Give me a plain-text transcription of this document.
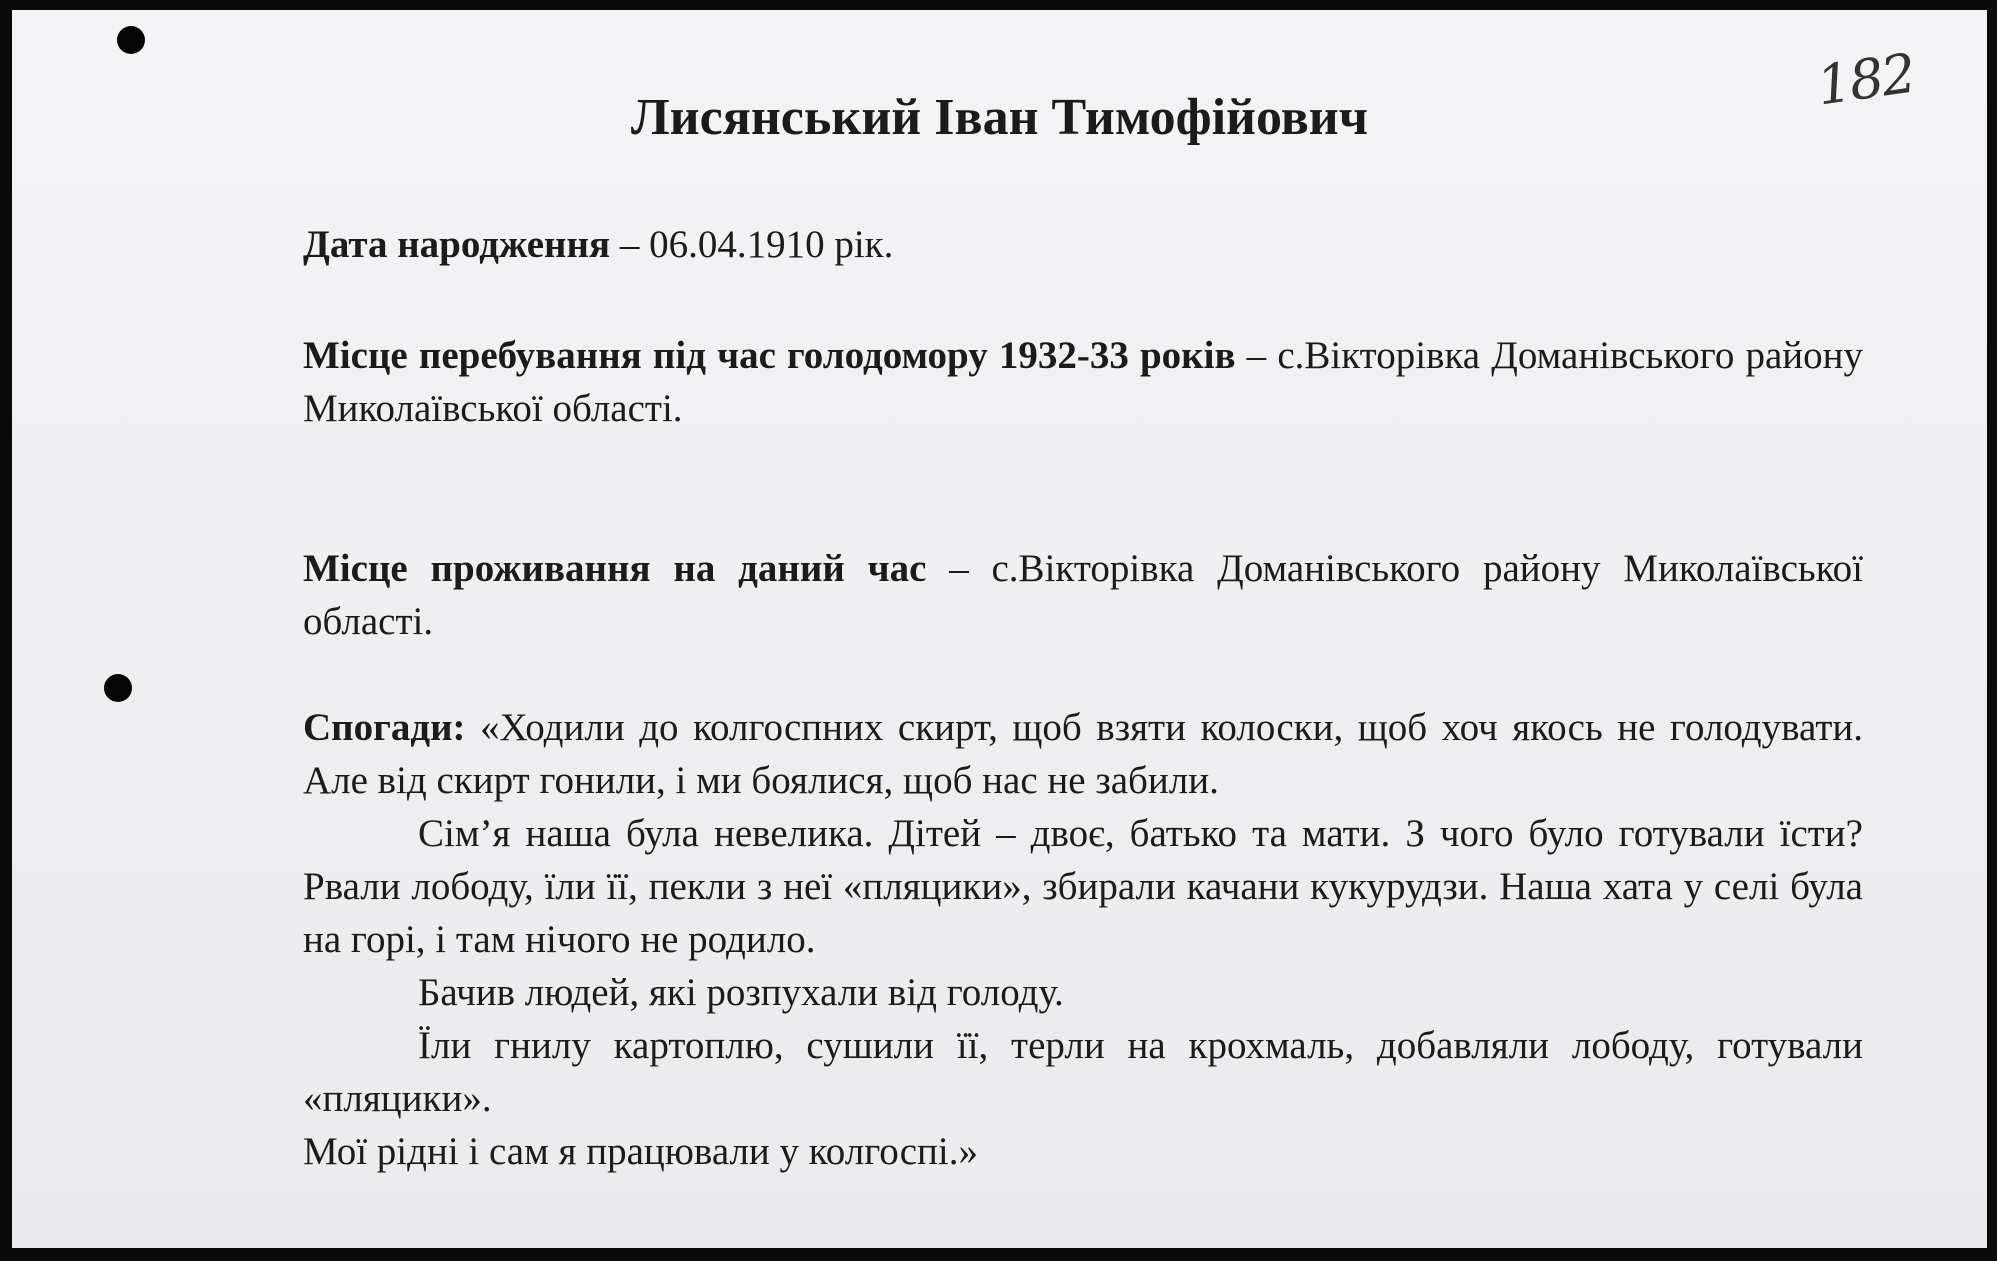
182
Лисянський Іван Тимофійович
Дата народження – 06.04.1910 рік.
Місце перебування під час голодомору 1932-33 років – с.Вікторівка Доманівського району Миколаївської області.
Місце проживання на даний час – с.Вікторівка Доманівського району Миколаївської області.
Спогади: «Ходили до колгоспних скирт, щоб взяти колоски, щоб хоч якось не голодувати. Але від скирт гонили, і ми боялися, щоб нас не забили.
Сім’я наша була невелика. Дітей – двоє, батько та мати. З чого було готували їсти? Рвали лободу, їли її, пекли з неї «пляцики», збирали качани кукурудзи. Наша хата у селі була на горі, і там нічого не родило.
Бачив людей, які розпухали від голоду.
Їли гнилу картоплю, сушили її, терли на крохмаль, добавляли лободу, готували «пляцики».
Мої рідні і сам я працювали у колгоспі.»
